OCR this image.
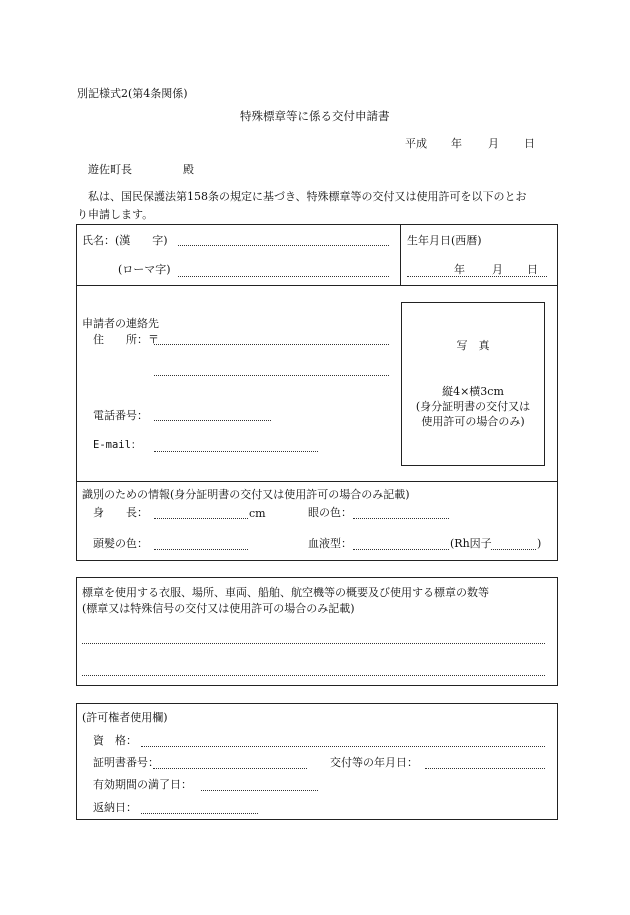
別記様式2(第4条関係)
特殊標章等に係る交付申請書
平成 年 月 日
遊佐町長	殿
私は、国民保護法第158条の規定に基づき、特殊標章等の交付又は使用許可を以下のとお
り申請します。
氏名：(漢　　字)
(ローマ字)
生年月日(西暦)
年 月 日
申請者の連絡先
住　　所：〒
電話番号：
E-mail：
写　真
縦4×横3cm
(身分証明書の交付又は
使用許可の場合のみ)
識別のための情報(身分証明書の交付又は使用許可の場合のみ記載)
身　　長：	cm	眼の色：
頭髪の色：	血液型：	(Rh因子	)
標章を使用する衣服、場所、車両、船舶、航空機等の概要及び使用する標章の数等
(標章又は特殊信号の交付又は使用許可の場合のみ記載)
(許可権者使用欄)
資　格：
証明書番号：	交付等の年月日：
有効期間の満了日：
返納日：
